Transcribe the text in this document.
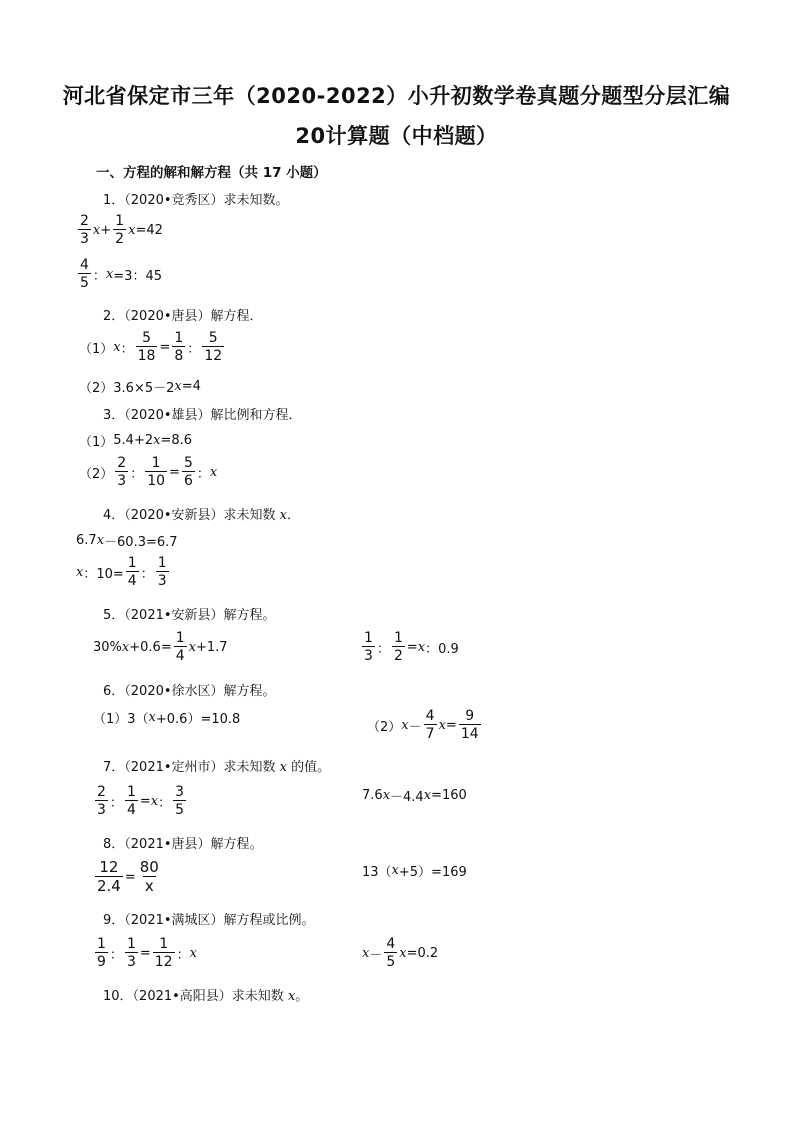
河北省保定市三年（2020-2022）小升初数学卷真题分题型分层汇编
20计算题（中档题）
一、方程的解和解方程（共 17 小题）
1．（2020•竞秀区）求未知数。
$\frac{2}{3}$ $x + \frac{1}{2}$ x =42
$\frac{4}{5}$ ： x =3：45
2．（2020•唐县）解方程．
（1） x ： $\frac{5}{18} = \frac{1}{8}$ ： $\frac{5}{12}$
（2） 3.6×5－2 x =4
3．（2020•雄县）解比例和方程．
（1） 5.4+2 x =8.6
$(2) \frac{2}{3}$ ： $\frac{1}{10} = \frac{5}{6}$ ： x
4．（2020•安新县）求未知数 x．
6.7 x －60.3=6.7
x ：$10= \frac{1}{4}$ ： $\frac{1}{3}$
5．（2021•安新县）解方程。
30% $x +0.6= \frac{1}{4}$ x +1.7	$\frac{1}{3}$ ： $\frac{1}{2} = x$ ：0.9
6．（2020•徐水区）解方程。
（1）3（ x +0.6）=10.8	（2） $x - \frac{4}{7}$ $x = \frac{9}{14}$
7．（2021•定州市）求未知数 x 的值。
$\frac{2}{3}$ ： $\frac{1}{4} = x$ ： $\frac{3}{5}$	7.6 x －4.4 x =160
8．（2021•唐县）解方程。
$\frac{12}{2.4} = \frac{80}{x}$	13（ x +5）=169
9．（2021•满城区）解方程或比例。
$\frac{1}{9}$ ： $\frac{1}{3} = \frac{1}{12}$ ： x	$x - \frac{4}{5}$ x =0.2
10．（2021•高阳县）求未知数 x。
